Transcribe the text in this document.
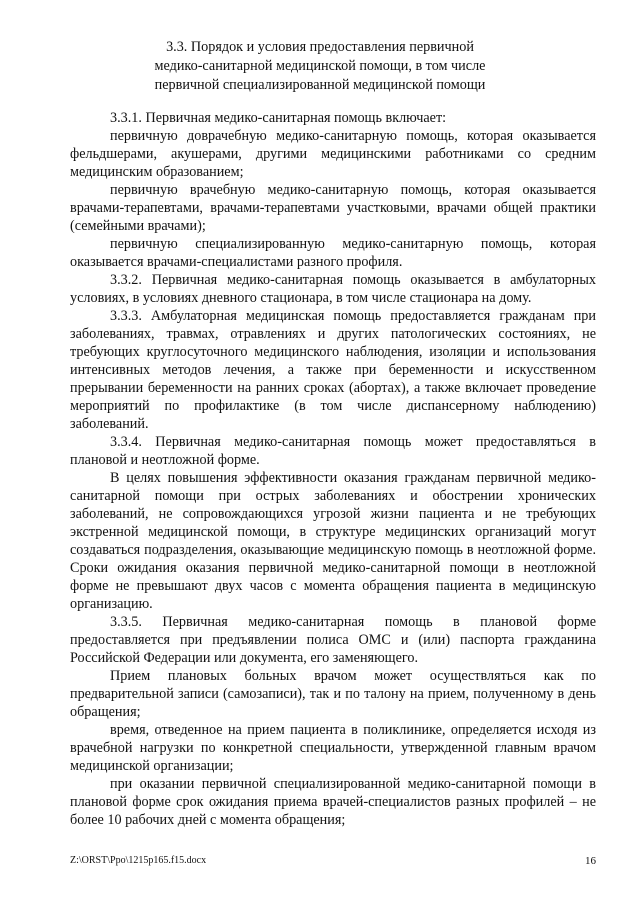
3.3. Порядок и условия предоставления первичной
медико-санитарной медицинской помощи, в том числе
первичной специализированной медицинской помощи

3.3.1. Первичная медико-санитарная помощь включает:

первичную доврачебную медико-санитарную помощь, которая оказывается фельдшерами, акушерами, другими медицинскими работниками со средним медицинским образованием;

первичную врачебную медико-санитарную помощь, которая оказывается врачами-терапевтами, врачами-терапевтами участковыми, врачами общей практики (семейными врачами);

первичную специализированную медико-санитарную помощь, которая оказывается врачами-специалистами разного профиля.

3.3.2. Первичная медико-санитарная помощь оказывается в амбулаторных условиях, в условиях дневного стационара, в том числе стационара на дому.

3.3.3. Амбулаторная медицинская помощь предоставляется гражданам при заболеваниях, травмах, отравлениях и других патологических состояниях, не требующих круглосуточного медицинского наблюдения, изоляции и использования интенсивных методов лечения, а также при беременности и искусственном прерывании беременности на ранних сроках (абортах), а также включает проведение мероприятий по профилактике (в том числе диспансерному наблюдению) заболеваний.

3.3.4. Первичная медико-санитарная помощь может предоставляться в плановой и неотложной форме.

В целях повышения эффективности оказания гражданам первичной медико-санитарной помощи при острых заболеваниях и обострении хронических заболеваний, не сопровождающихся угрозой жизни пациента и не требующих экстренной медицинской помощи, в структуре медицинских организаций могут создаваться подразделения, оказывающие медицинскую помощь в неотложной форме. Сроки ожидания оказания первичной медико-санитарной помощи в неотложной форме не превышают двух часов с момента обращения пациента в медицинскую организацию.

3.3.5. Первичная медико-санитарная помощь в плановой форме предоставляется при предъявлении полиса ОМС и (или) паспорта гражданина Российской Федерации или документа, его заменяющего.

Прием плановых больных врачом может осуществляться как по предварительной записи (самозаписи), так и по талону на прием, полученному в день обращения;

время, отведенное на прием пациента в поликлинике, определяется исходя из врачебной нагрузки по конкретной специальности, утвержденной главным врачом медицинской организации;

при оказании первичной специализированной медико-санитарной помощи в плановой форме срок ожидания приема врачей-специалистов разных профилей – не более 10 рабочих дней с момента обращения;

Z:\ORST\Ppo\1215p165.f15.docx	16
